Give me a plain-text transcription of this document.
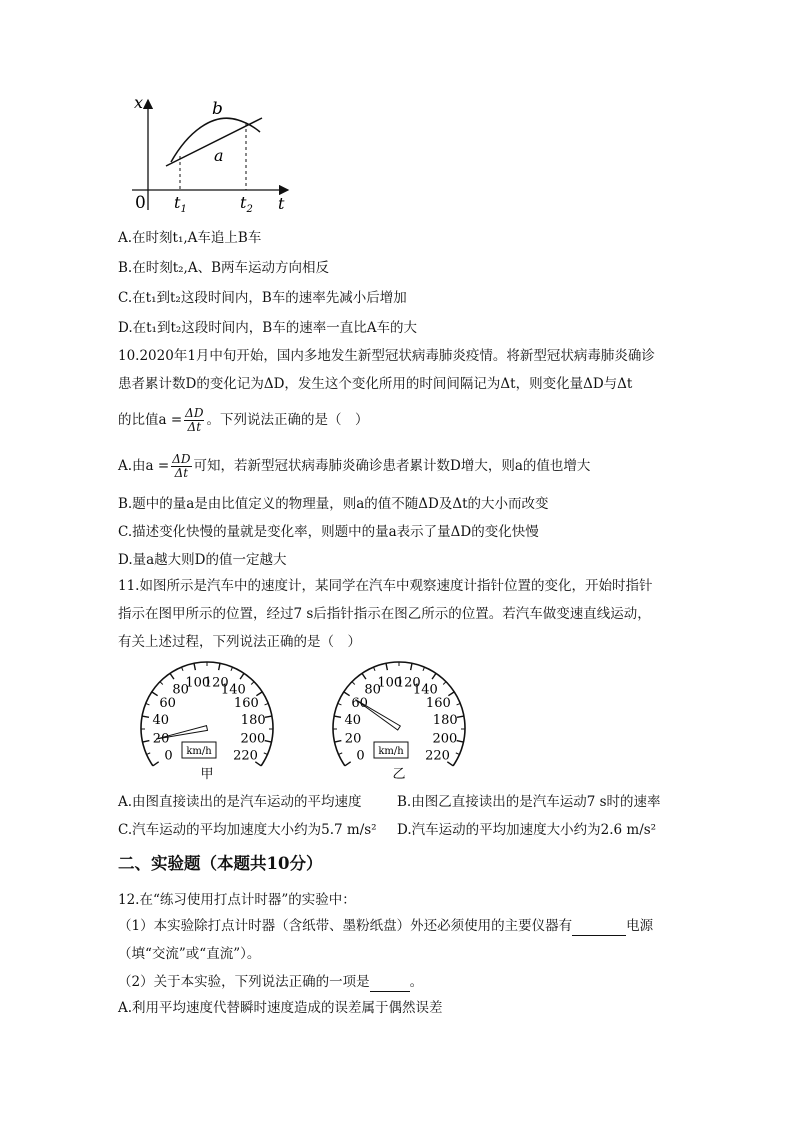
x
0	t
b
a
$t_1$	$t_2$
A.在时刻t₁,A车追上B车
B.在时刻t₂,A、B两车运动方向相反
C.在t₁到t₂这段时间内，B车的速率先减小后增加
D.在t₁到t₂这段时间内，B车的速率一直比A车的大
10.2020年1月中旬开始，国内多地发生新型冠状病毒肺炎疫情。将新型冠状病毒肺炎确诊
患者累计数D的变化记为ΔD，发生这个变化所用的时间间隔记为Δt，则变化量ΔD与Δt
的比值$a = \frac{\Delta D}{\Delta t}$ 。下列说法正确的是（　）
A.由$a = \frac{\Delta D}{\Delta t}$ 可知，若新型冠状病毒肺炎确诊患者累计数D增大，则a的值也增大
B.题中的量a是由比值定义的物理量，则a的值不随ΔD及Δt的大小而改变
C.描述变化快慢的量就是变化率，则题中的量a表示了量ΔD的变化快慢
D.量a越大则D的值一定越大
11.如图所示是汽车中的速度计，某同学在汽车中观察速度计指针位置的变化，开始时指针
指示在图甲所示的位置，经过7 s后指针指示在图乙所示的位置。若汽车做变速直线运动，
有关上述过程，下列说法正确的是（　）
0
20
40
60
80
100
120
140
160
180
200
220
km/h
甲
0
20
40
60
80
100
120
140
160
180
200
220
km/h
乙
A.由图直接读出的是汽车运动的平均速度	B.由图乙直接读出的是汽车运动7 s时的速率
C.汽车运动的平均加速度大小约为5.7 m/s² D.汽车运动的平均加速度大小约为2.6 m/s²
二、实验题（本题共10分）
12.在“练习使用打点计时器”的实验中：
（1）本实验除打点计时器（含纸带、墨粉纸盘）外还必须使用的主要仪器有	电源
（填“交流”或“直流”）。
（2）关于本实验，下列说法正确的一项是	。
A.利用平均速度代替瞬时速度造成的误差属于偶然误差
